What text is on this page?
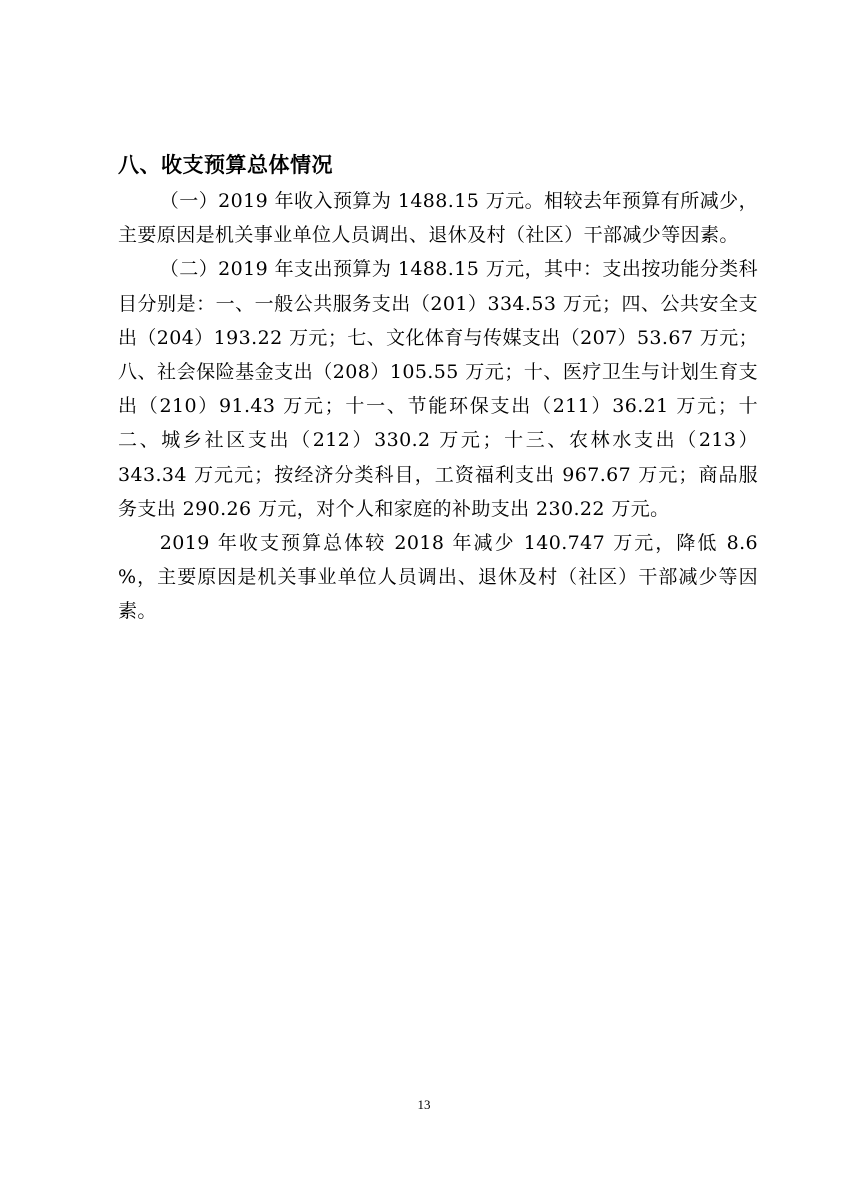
八、收支预算总体情况

（一）2019 年收入预算为 1488.15 万元。相较去年预算有所减少，主要原因是机关事业单位人员调出、退休及村（社区）干部减少等因素。

（二）2019 年支出预算为 1488.15 万元，其中：支出按功能分类科目分别是：一、一般公共服务支出（201）334.53 万元；四、公共安全支出（204）193.22 万元；七、文化体育与传媒支出（207）53.67 万元；八、社会保险基金支出（208）105.55 万元；十、医疗卫生与计划生育支出（210）91.43 万元；十一、节能环保支出（211）36.21 万元；十二、城乡社区支出（212）330.2 万元；十三、农林水支出（213）343.34 万元元；按经济分类科目，工资福利支出 967.67 万元；商品服务支出 290.26 万元，对个人和家庭的补助支出 230.22 万元。

2019 年收支预算总体较 2018 年减少 140.747 万元，降低 8.6 %，主要原因是机关事业单位人员调出、退休及村（社区）干部减少等因素。

13
